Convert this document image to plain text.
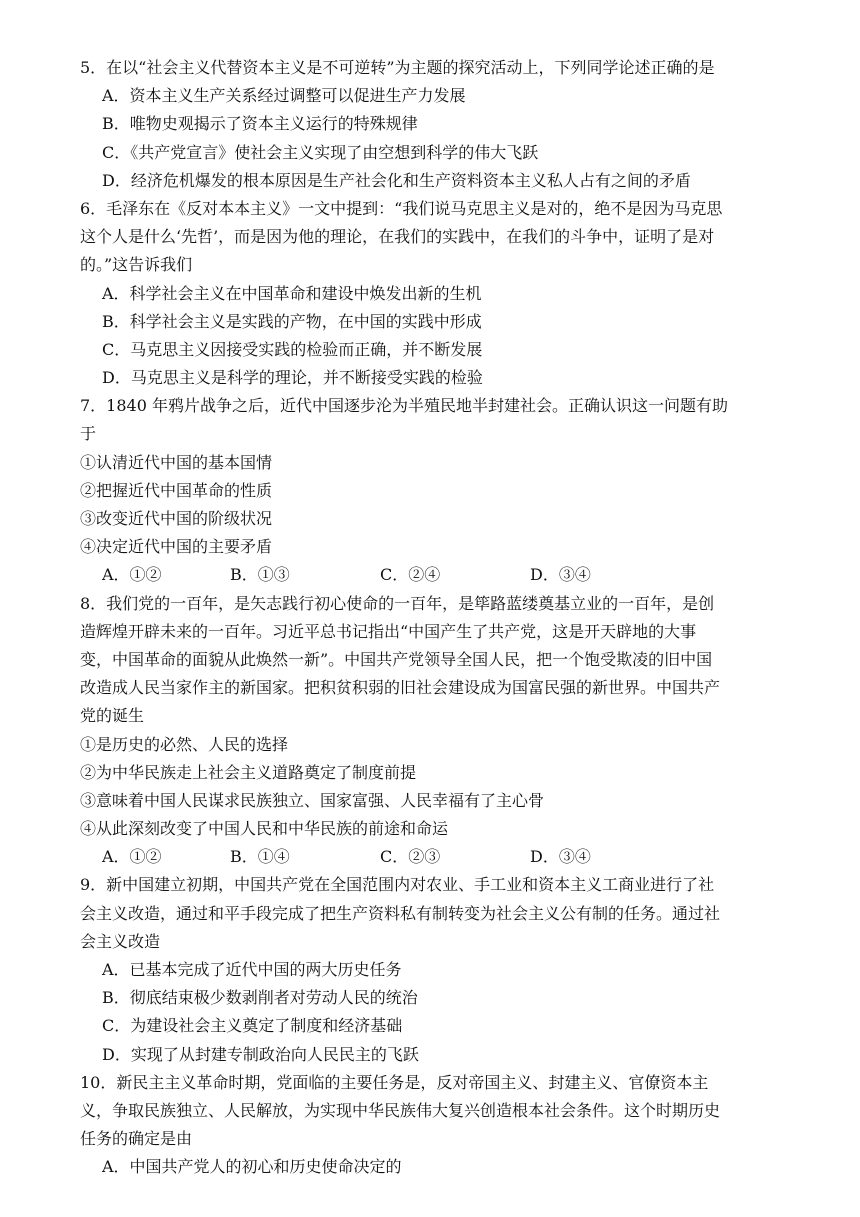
5．在以“社会主义代替资本主义是不可逆转”为主题的探究活动上，下列同学论述正确的是
A．资本主义生产关系经过调整可以促进生产力发展
B．唯物史观揭示了资本主义运行的特殊规律
C．《共产党宣言》使社会主义实现了由空想到科学的伟大飞跃
D．经济危机爆发的根本原因是生产社会化和生产资料资本主义私人占有之间的矛盾
6．毛泽东在《反对本本主义》一文中提到：“我们说马克思主义是对的，绝不是因为马克思
这个人是什么‘先哲’，而是因为他的理论，在我们的实践中，在我们的斗争中，证明了是对
的。”这告诉我们
A．科学社会主义在中国革命和建设中焕发出新的生机
B．科学社会主义是实践的产物，在中国的实践中形成
C．马克思主义因接受实践的检验而正确，并不断发展
D．马克思主义是科学的理论，并不断接受实践的检验
7．1840 年鸦片战争之后，近代中国逐步沦为半殖民地半封建社会。正确认识这一问题有助
于
①认清近代中国的基本国情
②把握近代中国革命的性质
③改变近代中国的阶级状况
④决定近代中国的主要矛盾
A．①②	B．①③	C．②④	D．③④
8．我们党的一百年，是矢志践行初心使命的一百年，是筚路蓝缕奠基立业的一百年，是创
造辉煌开辟未来的一百年。习近平总书记指出“中国产生了共产党，这是开天辟地的大事
变，中国革命的面貌从此焕然一新”。中国共产党领导全国人民，把一个饱受欺凌的旧中国
改造成人民当家作主的新国家。把积贫积弱的旧社会建设成为国富民强的新世界。中国共产
党的诞生
①是历史的必然、人民的选择
②为中华民族走上社会主义道路奠定了制度前提
③意味着中国人民谋求民族独立、国家富强、人民幸福有了主心骨
④从此深刻改变了中国人民和中华民族的前途和命运
A．①②	B．①④	C．②③	D．③④
9．新中国建立初期，中国共产党在全国范围内对农业、手工业和资本主义工商业进行了社
会主义改造，通过和平手段完成了把生产资料私有制转变为社会主义公有制的任务。通过社
会主义改造
A．已基本完成了近代中国的两大历史任务
B．彻底结束极少数剥削者对劳动人民的统治
C．为建设社会主义奠定了制度和经济基础
D．实现了从封建专制政治向人民民主的飞跃
10．新民主主义革命时期，党面临的主要任务是，反对帝国主义、封建主义、官僚资本主
义，争取民族独立、人民解放，为实现中华民族伟大复兴创造根本社会条件。这个时期历史
任务的确定是由
A．中国共产党人的初心和历史使命决定的
